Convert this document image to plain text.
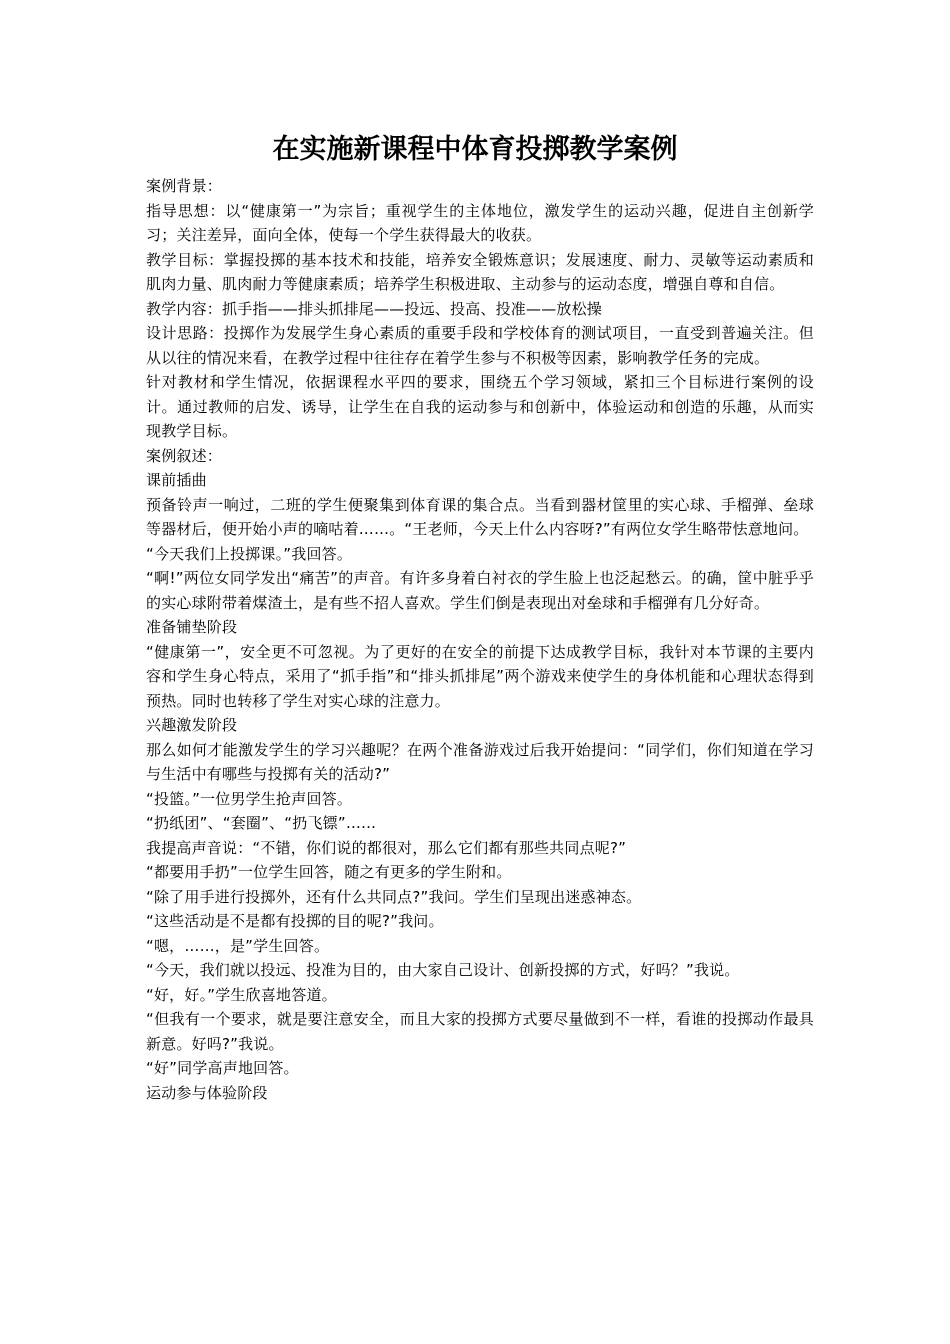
在实施新课程中体育投掷教学案例

案例背景：

指导思想：以“健康第一”为宗旨；重视学生的主体地位，激发学生的运动兴趣，促进自主创新学习；关注差异，面向全体，使每一个学生获得最大的收获。

教学目标：掌握投掷的基本技术和技能，培养安全锻炼意识；发展速度、耐力、灵敏等运动素质和肌肉力量、肌肉耐力等健康素质；培养学生积极进取、主动参与的运动态度，增强自尊和自信。

教学内容：抓手指——排头抓排尾——投远、投高、投准——放松操

设计思路：投掷作为发展学生身心素质的重要手段和学校体育的测试项目，一直受到普遍关注。但从以往的情况来看，在教学过程中往往存在着学生参与不积极等因素，影响教学任务的完成。

针对教材和学生情况，依据课程水平四的要求，围绕五个学习领域，紧扣三个目标进行案例的设计。通过教师的启发、诱导，让学生在自我的运动参与和创新中，体验运动和创造的乐趣，从而实现教学目标。

案例叙述：

课前插曲

预备铃声一响过，二班的学生便聚集到体育课的集合点。当看到器材筐里的实心球、手榴弹、垒球等器材后，便开始小声的嘀咕着……。“王老师，今天上什么内容呀?”有两位女学生略带怯意地问。

“今天我们上投掷课。”我回答。

“啊!”两位女同学发出“痛苦”的声音。有许多身着白衬衣的学生脸上也泛起愁云。的确，筐中脏乎乎的实心球附带着煤渣土，是有些不招人喜欢。学生们倒是表现出对垒球和手榴弹有几分好奇。

准备铺垫阶段

“健康第一”，安全更不可忽视。为了更好的在安全的前提下达成教学目标，我针对本节课的主要内容和学生身心特点，采用了“抓手指”和“排头抓排尾”两个游戏来使学生的身体机能和心理状态得到预热。同时也转移了学生对实心球的注意力。

兴趣激发阶段

那么如何才能激发学生的学习兴趣呢？在两个准备游戏过后我开始提问：“同学们，你们知道在学习与生活中有哪些与投掷有关的活动?”

“投篮。”一位男学生抢声回答。

“扔纸团”、“套圈”、“扔飞镖”……

我提高声音说：“不错，你们说的都很对，那么它们都有那些共同点呢?”

“都要用手扔”一位学生回答，随之有更多的学生附和。

“除了用手进行投掷外，还有什么共同点?”我问。学生们呈现出迷惑神态。

“这些活动是不是都有投掷的目的呢?”我问。

“嗯，……，是”学生回答。

“今天，我们就以投远、投准为目的，由大家自己设计、创新投掷的方式，好吗？”我说。

“好，好。”学生欣喜地答道。

“但我有一个要求，就是要注意安全，而且大家的投掷方式要尽量做到不一样，看谁的投掷动作最具新意。好吗?”我说。

“好”同学高声地回答。

运动参与体验阶段
